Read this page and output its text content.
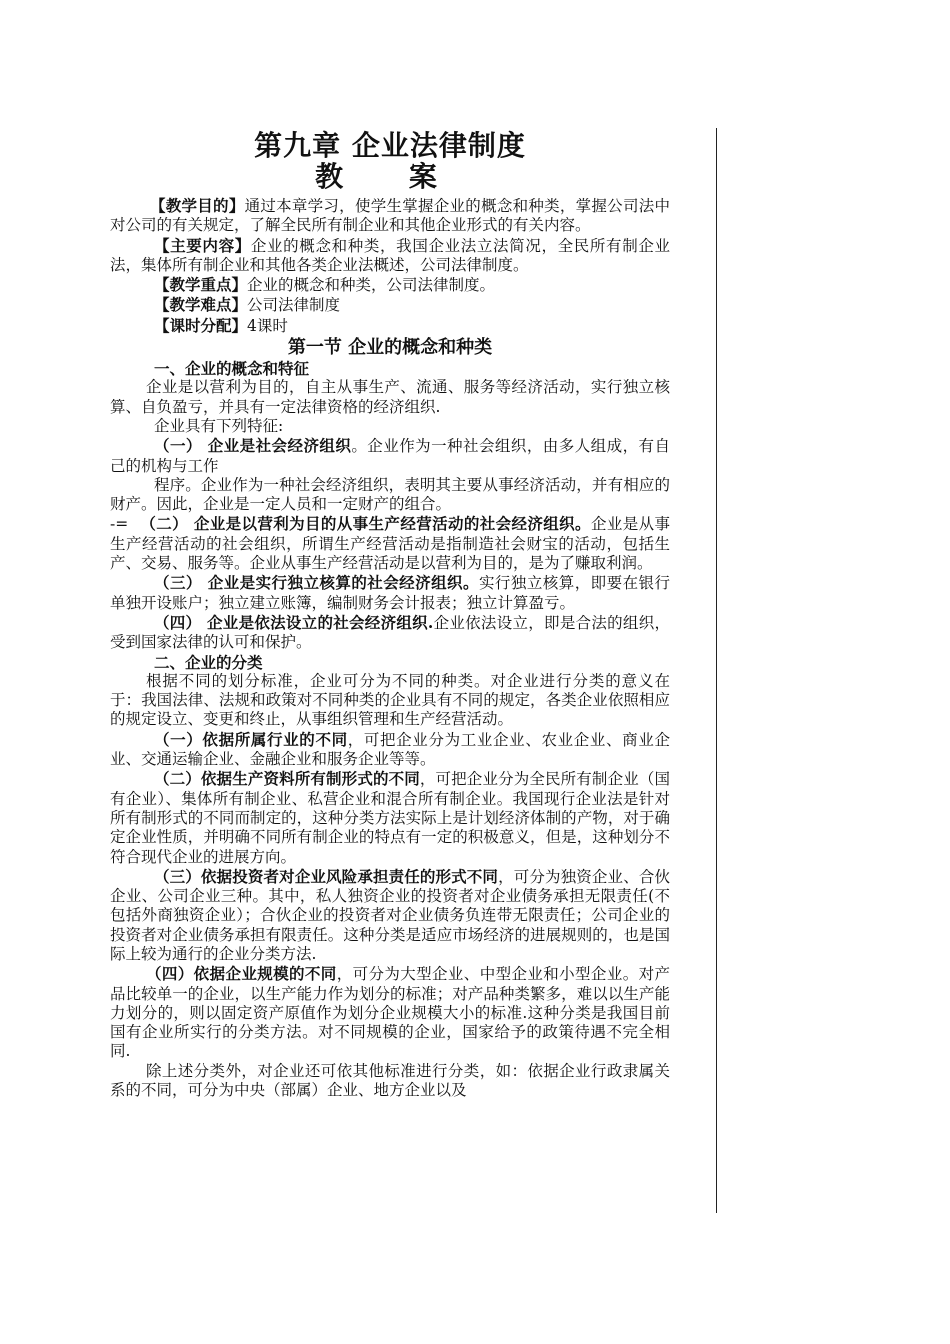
第九章 企业法律制度
教 案

【教学目的】通过本章学习，使学生掌握企业的概念和种类，掌握公司法中对公司的有关规定，了解全民所有制企业和其他企业形式的有关内容。

【主要内容】企业的概念和种类，我国企业法立法简况，全民所有制企业法，集体所有制企业和其他各类企业法概述，公司法律制度。

【教学重点】企业的概念和种类，公司法律制度。

【教学难点】公司法律制度

【课时分配】4课时

第一节 企业的概念和种类

一、企业的概念和特征

企业是以营利为目的，自主从事生产、流通、服务等经济活动，实行独立核算、自负盈亏，并具有一定法律资格的经济组织.

企业具有下列特征:

（一） 企业是社会经济组织。企业作为一种社会组织，由多人组成，有自己的机构与工作

程序。企业作为一种社会经济组织，表明其主要从事经济活动，并有相应的财产。因此，企业是一定人员和一定财产的组合。

-= （二） 企业是以营利为目的从事生产经营活动的社会经济组织。企业是从事生产经营活动的社会组织，所谓生产经营活动是指制造社会财宝的活动，包括生产、交易、服务等。企业从事生产经营活动是以营利为目的，是为了赚取利润。

（三） 企业是实行独立核算的社会经济组织。实行独立核算，即要在银行单独开设账户；独立建立账簿，编制财务会计报表；独立计算盈亏。

（四） 企业是依法设立的社会经济组织.企业依法设立，即是合法的组织，受到国家法律的认可和保护。

二、企业的分类

根据不同的划分标准，企业可分为不同的种类。对企业进行分类的意义在于：我国法律、法规和政策对不同种类的企业具有不同的规定，各类企业依照相应的规定设立、变更和终止，从事组织管理和生产经营活动。

（一）依据所属行业的不同，可把企业分为工业企业、农业企业、商业企业、交通运输企业、金融企业和服务企业等等。

（二）依据生产资料所有制形式的不同，可把企业分为全民所有制企业（国有企业）、集体所有制企业、私营企业和混合所有制企业。我国现行企业法是针对所有制形式的不同而制定的，这种分类方法实际上是计划经济体制的产物，对于确定企业性质，并明确不同所有制企业的特点有一定的积极意义，但是，这种划分不符合现代企业的进展方向。

（三）依据投资者对企业风险承担责任的形式不同，可分为独资企业、合伙企业、公司企业三种。其中，私人独资企业的投资者对企业债务承担无限责任(不包括外商独资企业）；合伙企业的投资者对企业债务负连带无限责任；公司企业的投资者对企业债务承担有限责任。这种分类是适应市场经济的进展规则的，也是国际上较为通行的企业分类方法.

（四）依据企业规模的不同，可分为大型企业、中型企业和小型企业。对产品比较单一的企业，以生产能力作为划分的标准；对产品种类繁多，难以以生产能力划分的，则以固定资产原值作为划分企业规模大小的标准.这种分类是我国目前国有企业所实行的分类方法。对不同规模的企业，国家给予的政策待遇不完全相同.

除上述分类外，对企业还可依其他标准进行分类，如：依据企业行政隶属关系的不同，可分为中央（部属）企业、地方企业以及
